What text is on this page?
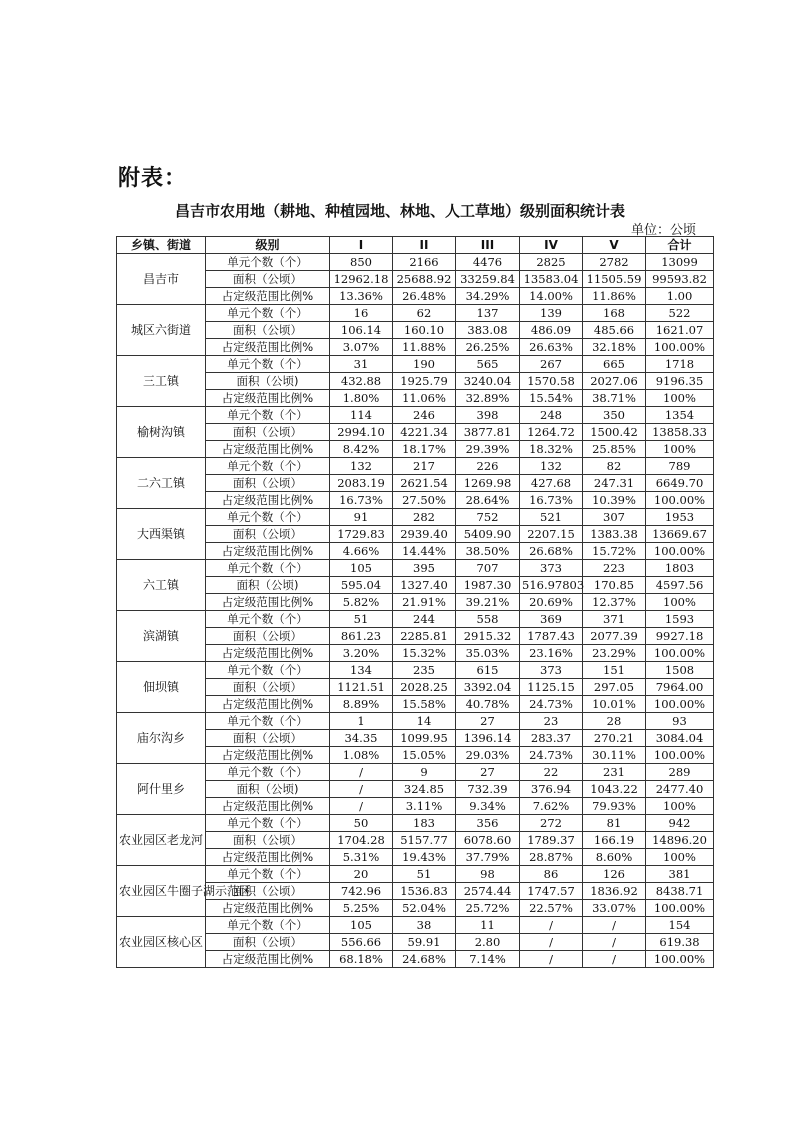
附表：
昌吉市农用地（耕地、种植园地、林地、人工草地）级别面积统计表
单位：公顷
乡镇、街道	级别	I	II	III	IV	V	合计
昌吉市	单元个数（个）	850	2166	4476	2825	2782	13099
	面积（公顷）	12962.18	25688.92	33259.84	13583.04	11505.59	99593.82
	占定级范围比例%	13.36%	26.48%	34.29%	14.00%	11.86%	1.00
城区六街道	单元个数（个）	16	62	137	139	168	522
	面积（公顷）	106.14	160.10	383.08	486.09	485.66	1621.07
	占定级范围比例%	3.07%	11.88%	26.25%	26.63%	32.18%	100.00%
三工镇	单元个数（个）	31	190	565	267	665	1718
	面积（公顷)	432.88	1925.79	3240.04	1570.58	2027.06	9196.35
	占定级范围比例%	1.80%	11.06%	32.89%	15.54%	38.71%	100%
榆树沟镇	单元个数（个）	114	246	398	248	350	1354
	面积（公顷）	2994.10	4221.34	3877.81	1264.72	1500.42	13858.33
	占定级范围比例%	8.42%	18.17%	29.39%	18.32%	25.85%	100%
二六工镇	单元个数（个）	132	217	226	132	82	789
	面积（公顷）	2083.19	2621.54	1269.98	427.68	247.31	6649.70
	占定级范围比例%	16.73%	27.50%	28.64%	16.73%	10.39%	100.00%
大西渠镇	单元个数（个）	91	282	752	521	307	1953
	面积（公顷）	1729.83	2939.40	5409.90	2207.15	1383.38	13669.67
	占定级范围比例%	4.66%	14.44%	38.50%	26.68%	15.72%	100.00%
六工镇	单元个数（个）	105	395	707	373	223	1803
	面积（公顷)	595.04	1327.40	1987.30	516.97803	170.85	4597.56
	占定级范围比例%	5.82%	21.91%	39.21%	20.69%	12.37%	100%
滨湖镇	单元个数（个）	51	244	558	369	371	1593
	面积（公顷）	861.23	2285.81	2915.32	1787.43	2077.39	9927.18
	占定级范围比例%	3.20%	15.32%	35.03%	23.16%	23.29%	100.00%
佃坝镇	单元个数（个）	134	235	615	373	151	1508
	面积（公顷）	1121.51	2028.25	3392.04	1125.15	297.05	7964.00
	占定级范围比例%	8.89%	15.58%	40.78%	24.73%	10.01%	100.00%
庙尔沟乡	单元个数（个）	1	14	27	23	28	93
	面积（公顷）	34.35	1099.95	1396.14	283.37	270.21	3084.04
	占定级范围比例%	1.08%	15.05%	29.03%	24.73%	30.11%	100.00%
阿什里乡	单元个数（个）	/	9	27	22	231	289
	面积（公顷)	/	324.85	732.39	376.94	1043.22	2477.40
	占定级范围比例%	/	3.11%	9.34%	7.62%	79.93%	100%
农业园区老龙河	单元个数（个）	50	183	356	272	81	942
	面积（公顷）	1704.28	5157.77	6078.60	1789.37	166.19	14896.20
	占定级范围比例%	5.31%	19.43%	37.79%	28.87%	8.60%	100%
农业园区牛圈子湖示范区	单元个数（个）	20	51	98	86	126	381
	面积（公顷）	742.96	1536.83	2574.44	1747.57	1836.92	8438.71
	占定级范围比例%	5.25%	52.04%	25.72%	22.57%	33.07%	100.00%
农业园区核心区	单元个数（个）	105	38	11	/	/	154
	面积（公顷）	556.66	59.91	2.80	/	/	619.38
	占定级范围比例%	68.18%	24.68%	7.14%	/	/	100.00%
